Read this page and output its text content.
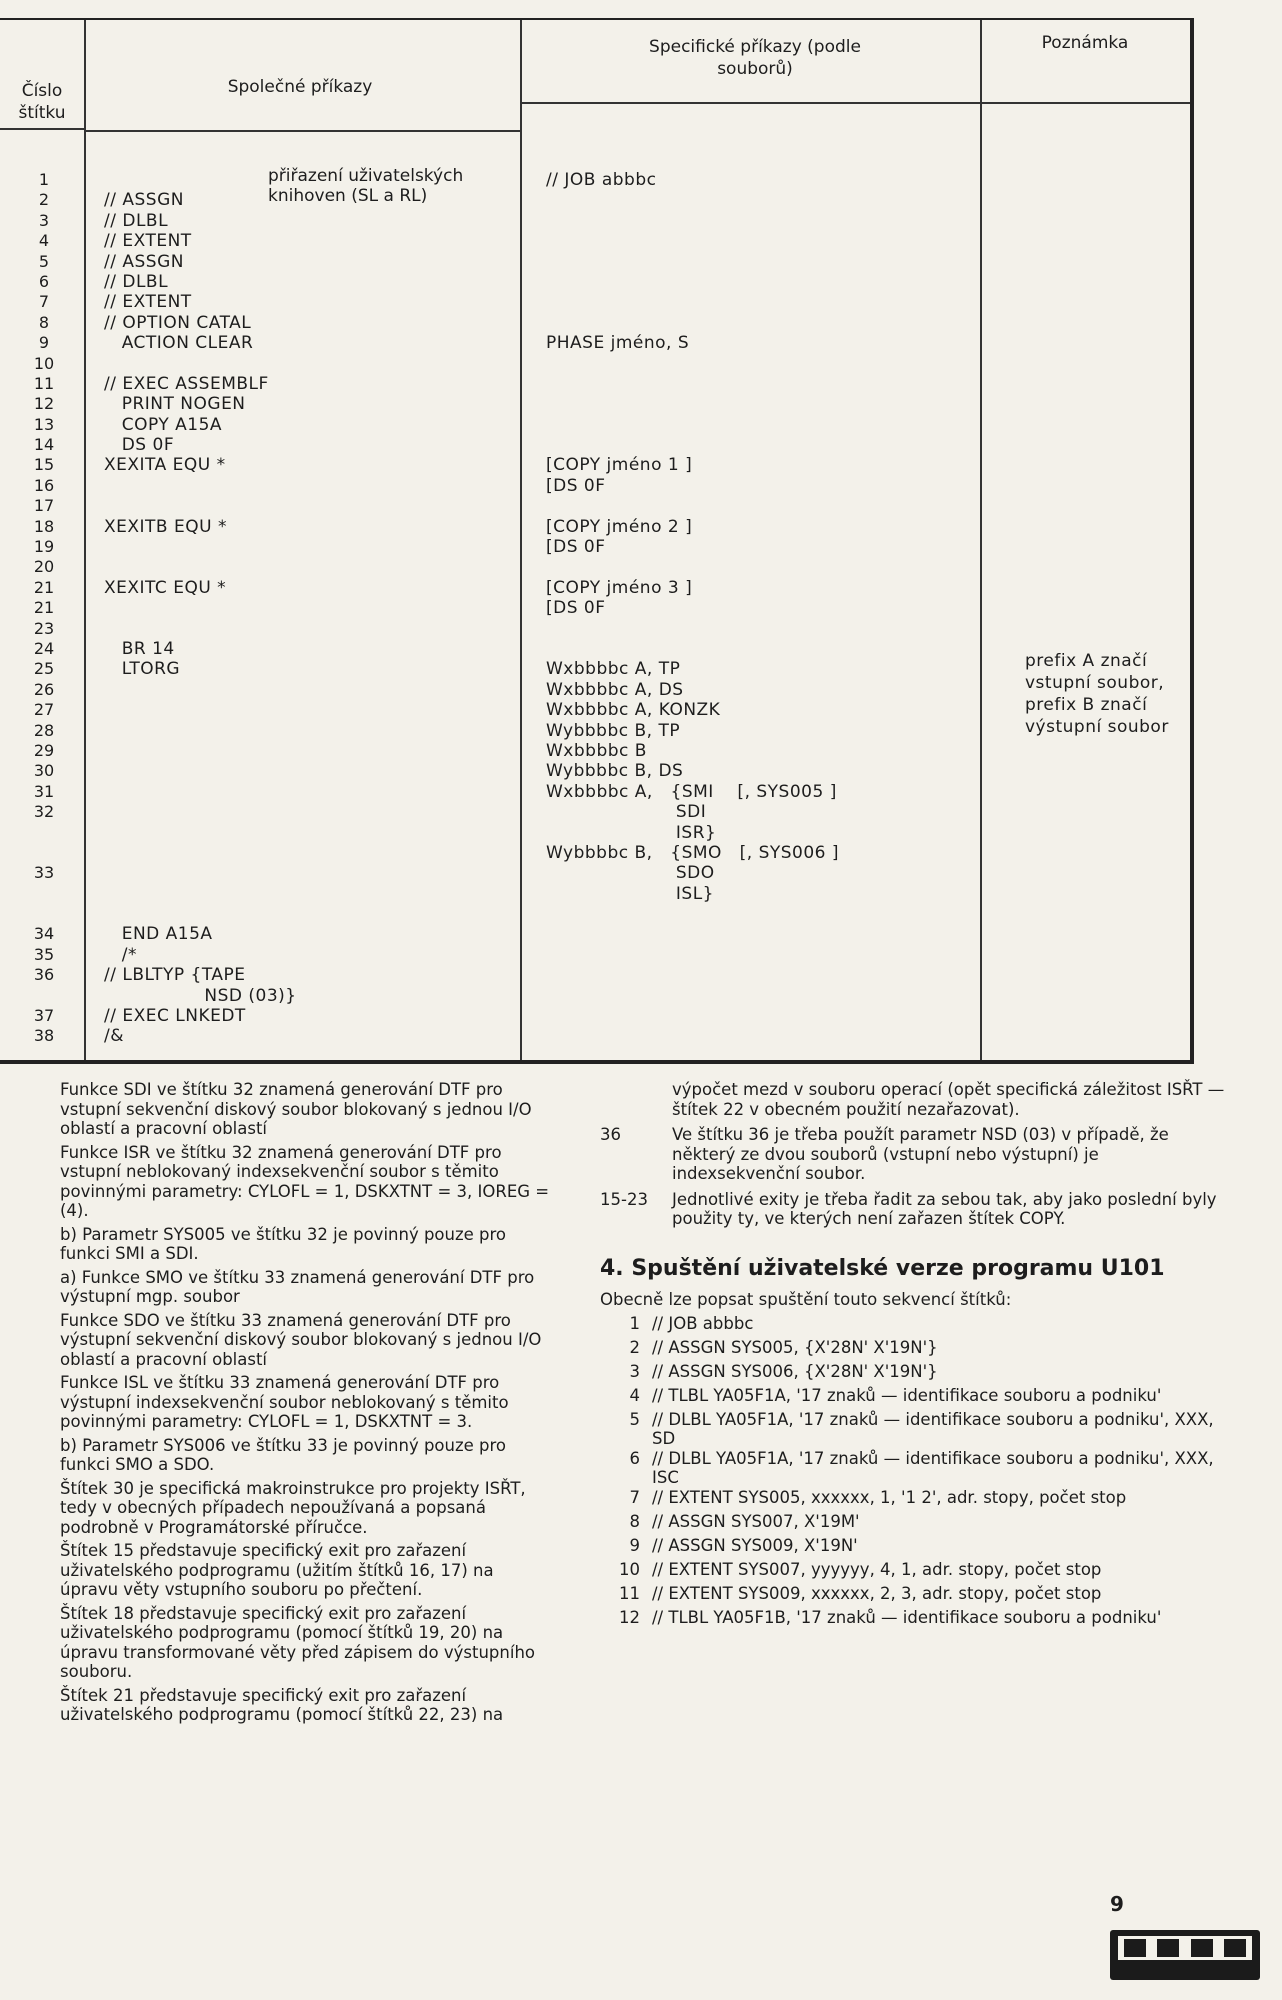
Číslo štítku
Společné příkazy
Specifické příkazy (podle souborů)
Poznámka
1
2
3
4
5
6
7
8
9
10
11
12
13
14
15
16
17
18
19
20
21
21
23
24
25
26
27
28
29
30
31
32
33
34
35
36
37
38
// ASSGN
// DLBL
// EXTENT
// ASSGN
// DLBL
// EXTENT
// OPTION CATAL
ACTION CLEAR
// EXEC ASSEMBLF
PRINT NOGEN
COPY A15A
DS 0F
XEXITA EQU *
XEXITB EQU *
XEXITC EQU *
BR 14
LTORG
END A15A
/*
// LBLTYP {TAPE
NSD (03)}
// EXEC LNKEDT
/&
přiřazení uživatelských knihoven (SL a RL)
// JOB abbbc
PHASE jméno, S
[COPY jméno 1 ]
[DS 0F
[COPY jméno 2 ]
[DS 0F
[COPY jméno 3 ]
[DS 0F
Wxbbbbc A, TP
Wxbbbbc A, DS
Wxbbbbc A, KONZK
Wybbbbc B, TP
Wxbbbbc B
Wybbbbc B, DS
Wxbbbbc A,   {SMI    [, SYS005 ]
SDI
ISR}
Wybbbbc B,   {SMO   [, SYS006 ]
SDO
ISL}
prefix A značí
vstupní soubor,
prefix B značí
výstupní soubor

Funkce SDI ve štítku 32 znamená generování DTF pro vstupní sekvenční diskový soubor blokovaný s jednou I/O oblastí a pracovní oblastí

Funkce ISR ve štítku 32 znamená generování DTF pro vstupní neblokovaný indexsekvenční soubor s těmito povinnými parametry: CYLOFL = 1, DSKXTNT = 3, IOREG = (4).

b) Parametr SYS005 ve štítku 32 je povinný pouze pro funkci SMI a SDI.

a) Funkce SMO ve štítku 33 znamená generování DTF pro výstupní mgp. soubor

Funkce SDO ve štítku 33 znamená generování DTF pro výstupní sekvenční diskový soubor blokovaný s jednou I/O oblastí a pracovní oblastí

Funkce ISL ve štítku 33 znamená generování DTF pro výstupní indexsekvenční soubor neblokovaný s těmito povinnými parametry: CYLOFL = 1, DSKXTNT = 3.

b) Parametr SYS006 ve štítku 33 je povinný pouze pro funkci SMO a SDO.

Štítek 30 je specifická makroinstrukce pro projekty ISŘT, tedy v obecných případech nepoužívaná a popsaná podrobně v Programátorské příručce.

Štítek 15 představuje specifický exit pro zařazení uživatelského podprogramu (užitím štítků 16, 17) na úpravu věty vstupního souboru po přečtení.

Štítek 18 představuje specifický exit pro zařazení uživatelského podprogramu (pomocí štítků 19, 20) na úpravu transformované věty před zápisem do výstupního souboru.

Štítek 21 představuje specifický exit pro zařazení uživatelského podprogramu (pomocí štítků 22, 23) na

výpočet mezd v souboru operací (opět specifická záležitost ISŘT — štítek 22 v obecném použití nezařazovat).

36	Ve štítku 36 je třeba použít parametr NSD (03) v případě, že některý ze dvou souborů (vstupní nebo výstupní) je indexsekvenční soubor.
15-23	Jednotlivé exity je třeba řadit za sebou tak, aby jako poslední byly použity ty, ve kterých není zařazen štítek COPY.
4. Spuštění uživatelské verze programu U101
Obecně lze popsat spuštění touto sekvencí štítků:
1 // JOB abbbc
2 // ASSGN SYS005, {X'28N' X'19N'}
3 // ASSGN SYS006, {X'28N' X'19N'}
4 // TLBL YA05F1A, '17 znaků — identifikace souboru a podniku'
5 // DLBL YA05F1A, '17 znaků — identifikace souboru a podniku', XXX, SD
6 // DLBL YA05F1A, '17 znaků — identifikace souboru a podniku', XXX, ISC
7 // EXTENT SYS005, xxxxxx, 1, '1 2', adr. stopy, počet stop
8 // ASSGN SYS007, X'19M'
9 // ASSGN SYS009, X'19N'
10 // EXTENT SYS007, yyyyyy, 4, 1, adr. stopy, počet stop
11 // EXTENT SYS009, xxxxxx, 2, 3, adr. stopy, počet stop
12 // TLBL YA05F1B, '17 znaků — identifikace souboru a podniku'
9
